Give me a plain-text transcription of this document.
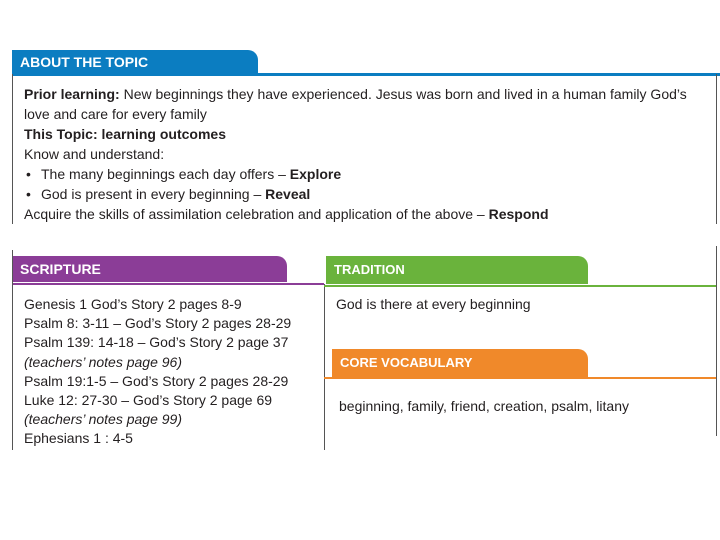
ABOUT THE TOPIC

Prior learning: New beginnings they have experienced. Jesus was born and lived in a human family God’s love and care for every family

This Topic: learning outcomes

Know and understand:

• The many beginnings each day offers – Explore
• God is present in every beginning – Reveal

Acquire the skills of assimilation celebration and application of the above – Respond

SCRIPTURE
Genesis 1 God’s Story 2 pages 8-9
Psalm 8: 3-11 – God’s Story 2 pages 28-29
Psalm 139: 14-18 – God’s Story 2 page 37
(teachers’ notes page 96)
Psalm 19:1-5 – God’s Story 2 pages 28-29
Luke 12: 27-30 – God’s Story 2 page 69
(teachers’ notes page 99)
Ephesians 1 : 4-5
TRADITION
God is there at every beginning
CORE VOCABULARY
beginning, family, friend, creation, psalm, litany
